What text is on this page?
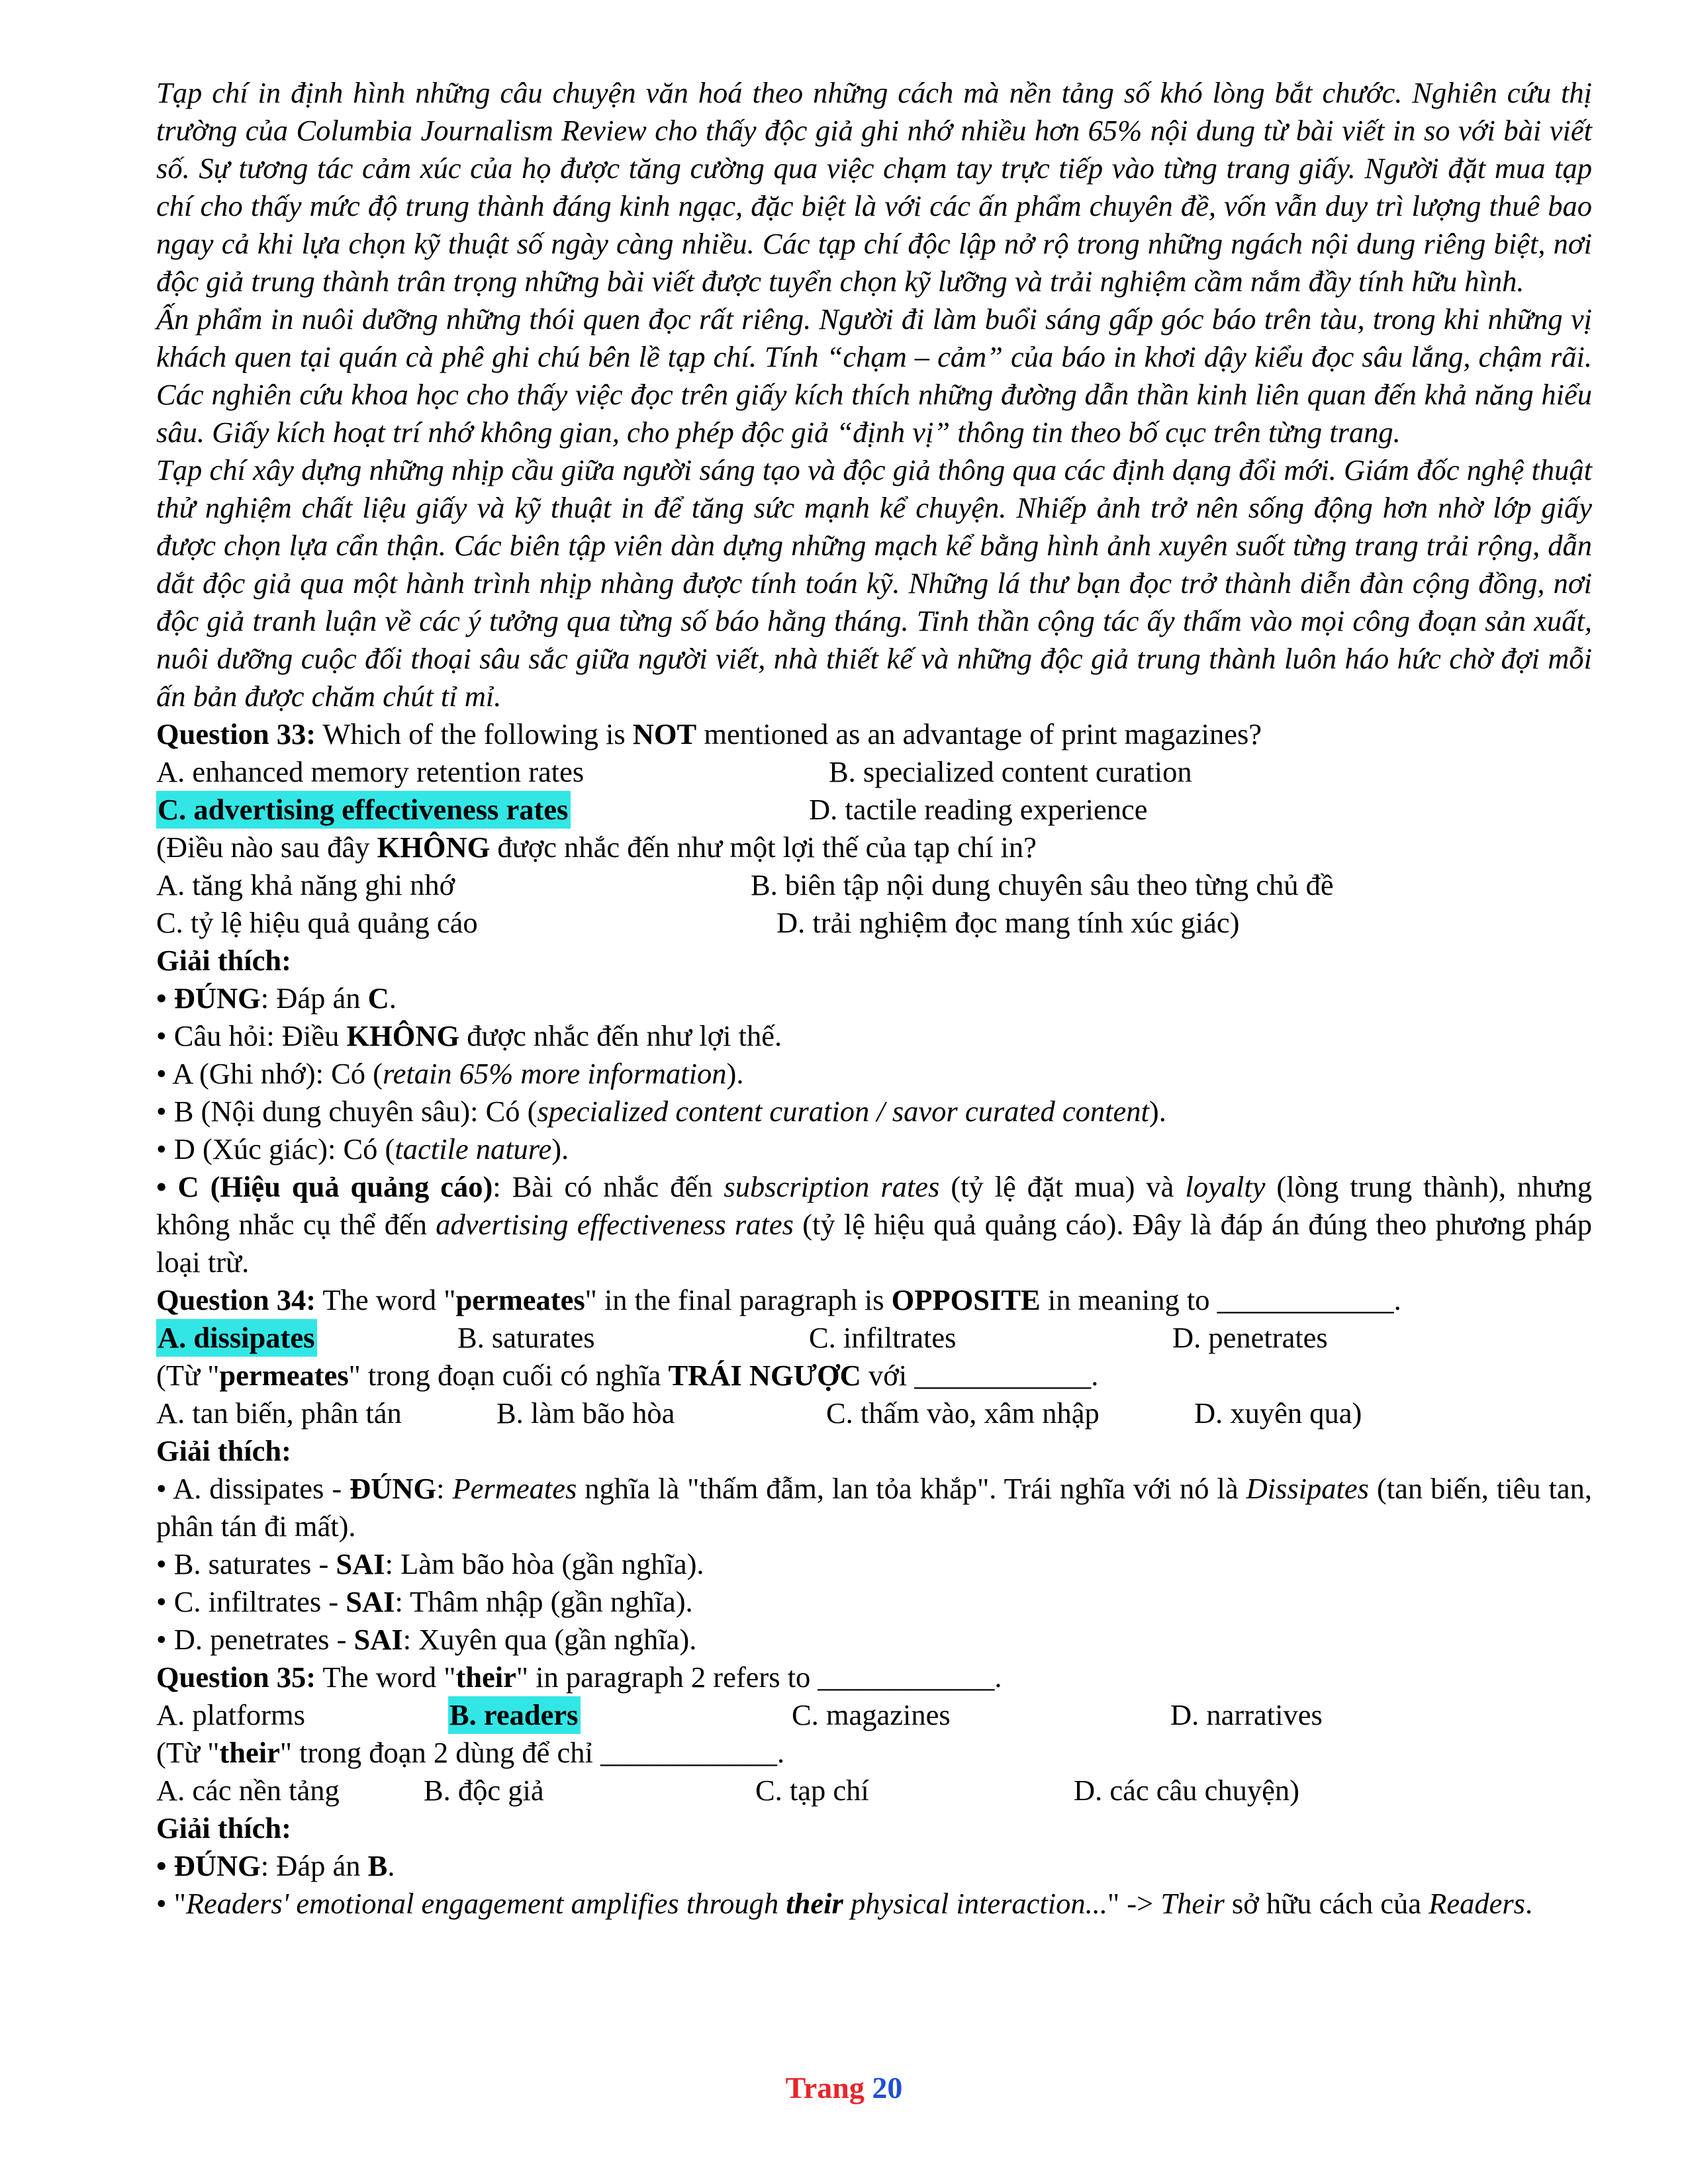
Tạp chí in định hình những câu chuyện văn hoá theo những cách mà nền tảng số khó lòng bắt chước. Nghiên cứu thị trường của Columbia Journalism Review cho thấy độc giả ghi nhớ nhiều hơn 65% nội dung từ bài viết in so với bài viết số. Sự tương tác cảm xúc của họ được tăng cường qua việc chạm tay trực tiếp vào từng trang giấy. Người đặt mua tạp chí cho thấy mức độ trung thành đáng kinh ngạc, đặc biệt là với các ấn phẩm chuyên đề, vốn vẫn duy trì lượng thuê bao ngay cả khi lựa chọn kỹ thuật số ngày càng nhiều. Các tạp chí độc lập nở rộ trong những ngách nội dung riêng biệt, nơi độc giả trung thành trân trọng những bài viết được tuyển chọn kỹ lưỡng và trải nghiệm cầm nắm đầy tính hữu hình.

Ấn phẩm in nuôi dưỡng những thói quen đọc rất riêng. Người đi làm buổi sáng gấp góc báo trên tàu, trong khi những vị khách quen tại quán cà phê ghi chú bên lề tạp chí. Tính “chạm – cảm” của báo in khơi dậy kiểu đọc sâu lắng, chậm rãi. Các nghiên cứu khoa học cho thấy việc đọc trên giấy kích thích những đường dẫn thần kinh liên quan đến khả năng hiểu sâu. Giấy kích hoạt trí nhớ không gian, cho phép độc giả “định vị” thông tin theo bố cục trên từng trang.

Tạp chí xây dựng những nhịp cầu giữa người sáng tạo và độc giả thông qua các định dạng đổi mới. Giám đốc nghệ thuật thử nghiệm chất liệu giấy và kỹ thuật in để tăng sức mạnh kể chuyện. Nhiếp ảnh trở nên sống động hơn nhờ lớp giấy được chọn lựa cẩn thận. Các biên tập viên dàn dựng những mạch kể bằng hình ảnh xuyên suốt từng trang trải rộng, dẫn dắt độc giả qua một hành trình nhịp nhàng được tính toán kỹ. Những lá thư bạn đọc trở thành diễn đàn cộng đồng, nơi độc giả tranh luận về các ý tưởng qua từng số báo hằng tháng. Tinh thần cộng tác ấy thấm vào mọi công đoạn sản xuất, nuôi dưỡng cuộc đối thoại sâu sắc giữa người viết, nhà thiết kế và những độc giả trung thành luôn háo hức chờ đợi mỗi ấn bản được chăm chút tỉ mỉ.

Question 33: Which of the following is NOT mentioned as an advantage of print magazines?

A. enhanced memory retention rates	B. specialized content curation
C. advertising effectiveness rates	D. tactile reading experience

(Điều nào sau đây KHÔNG được nhắc đến như một lợi thế của tạp chí in?

A. tăng khả năng ghi nhớ	B. biên tập nội dung chuyên sâu theo từng chủ đề
C. tỷ lệ hiệu quả quảng cáo	D. trải nghiệm đọc mang tính xúc giác)

Giải thích:

• ĐÚNG: Đáp án C.

• Câu hỏi: Điều KHÔNG được nhắc đến như lợi thế.

• A (Ghi nhớ): Có (retain 65% more information).

• B (Nội dung chuyên sâu): Có (specialized content curation / savor curated content).

• D (Xúc giác): Có (tactile nature).

• C (Hiệu quả quảng cáo): Bài có nhắc đến subscription rates (tỷ lệ đặt mua) và loyalty (lòng trung thành), nhưng không nhắc cụ thể đến advertising effectiveness rates (tỷ lệ hiệu quả quảng cáo). Đây là đáp án đúng theo phương pháp loại trừ.

Question 34: The word "permeates" in the final paragraph is OPPOSITE in meaning to ____________.

A. dissipates	B. saturates	C. infiltrates	D. penetrates

(Từ "permeates" trong đoạn cuối có nghĩa TRÁI NGƯỢC với ____________.

A. tan biến, phân tán	B. làm bão hòa	C. thấm vào, xâm nhập	D. xuyên qua)

Giải thích:

• A. dissipates - ĐÚNG: Permeates nghĩa là "thấm đẫm, lan tỏa khắp". Trái nghĩa với nó là Dissipates (tan biến, tiêu tan, phân tán đi mất).

• B. saturates - SAI: Làm bão hòa (gần nghĩa).

• C. infiltrates - SAI: Thâm nhập (gần nghĩa).

• D. penetrates - SAI: Xuyên qua (gần nghĩa).

Question 35: The word "their" in paragraph 2 refers to ____________.

A. platforms	B. readers	C. magazines	D. narratives

(Từ "their" trong đoạn 2 dùng để chỉ ____________.

A. các nền tảng	B. độc giả	C. tạp chí	D. các câu chuyện)

Giải thích:

• ĐÚNG: Đáp án B.

• "Readers' emotional engagement amplifies through their physical interaction..." -> Their sở hữu cách của Readers.

Trang 20
